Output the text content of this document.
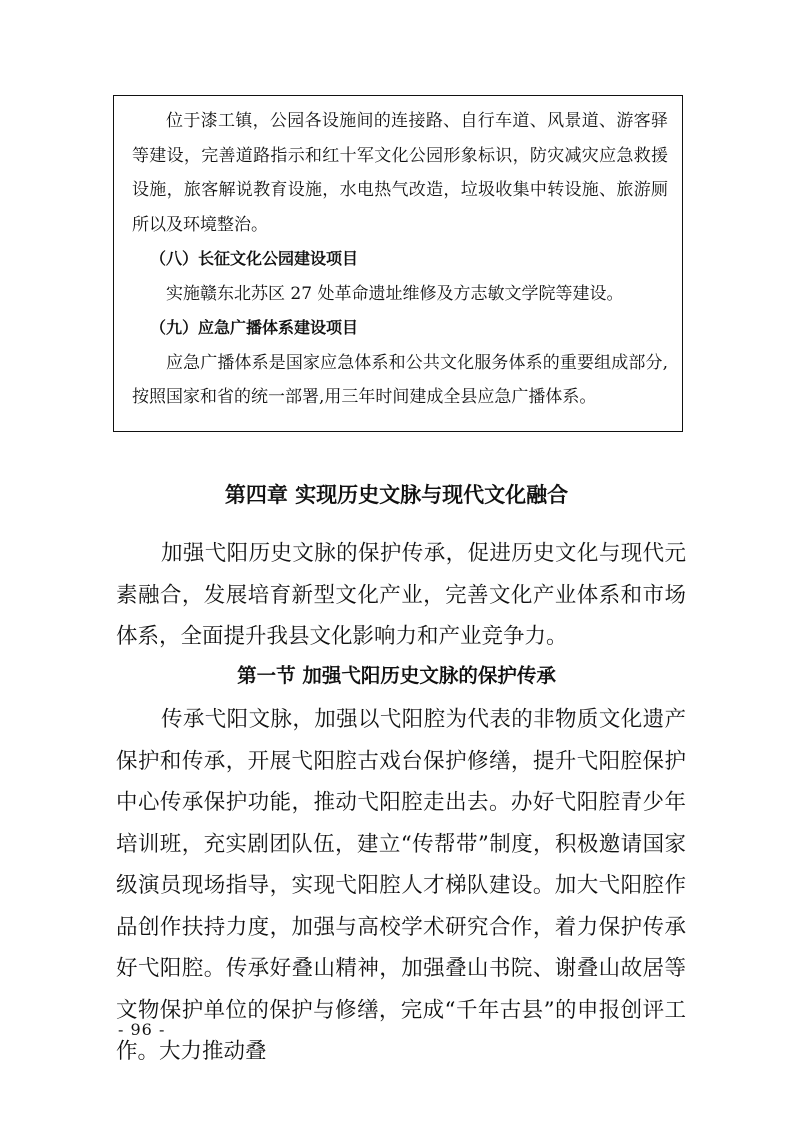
位于漆工镇，公园各设施间的连接路、自行车道、风景道、游客驿等建设，完善道路指示和红十军文化公园形象标识，防灾减灾应急救援设施，旅客解说教育设施，水电热气改造，垃圾收集中转设施、旅游厕所以及环境整治。

（八）长征文化公园建设项目

实施赣东北苏区 27 处革命遗址维修及方志敏文学院等建设。

（九）应急广播体系建设项目

应急广播体系是国家应急体系和公共文化服务体系的重要组成部分,按照国家和省的统一部署,用三年时间建成全县应急广播体系。

第四章 实现历史文脉与现代文化融合

加强弋阳历史文脉的保护传承，促进历史文化与现代元素融合，发展培育新型文化产业，完善文化产业体系和市场体系，全面提升我县文化影响力和产业竞争力。

第一节 加强弋阳历史文脉的保护传承

传承弋阳文脉，加强以弋阳腔为代表的非物质文化遗产保护和传承，开展弋阳腔古戏台保护修缮，提升弋阳腔保护中心传承保护功能，推动弋阳腔走出去。办好弋阳腔青少年培训班，充实剧团队伍，建立“传帮带”制度，积极邀请国家级演员现场指导，实现弋阳腔人才梯队建设。加大弋阳腔作品创作扶持力度，加强与高校学术研究合作，着力保护传承好弋阳腔。传承好叠山精神，加强叠山书院、谢叠山故居等文物保护单位的保护与修缮，完成“千年古县”的申报创评工作。大力推动叠

- 96 -
